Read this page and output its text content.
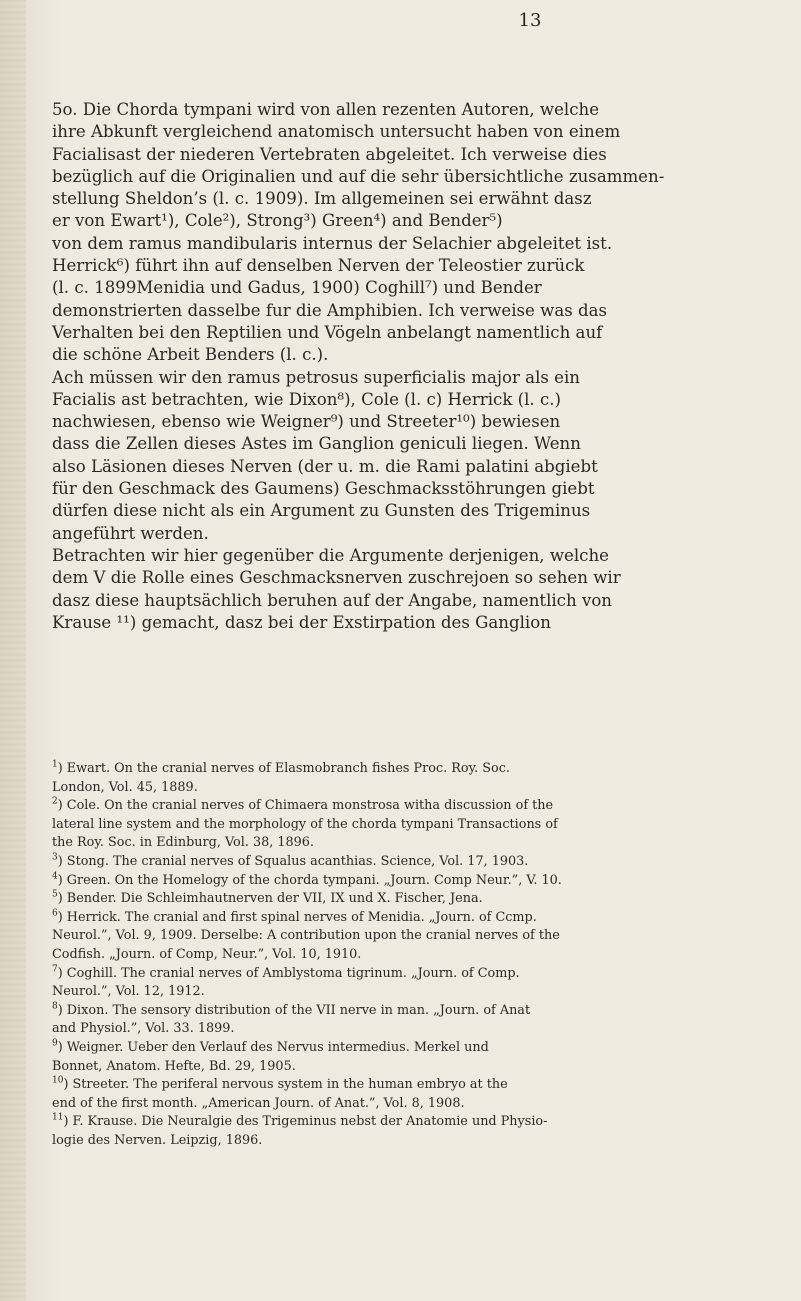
13

5o. Die Chorda tympani wird von allen rezenten Autoren, welche
ihre Abkunft vergleichend anatomisch untersucht haben von einem
Facialisast der niederen Vertebraten abgeleitet. Ich verweise dies
bezüglich auf die Originalien und auf die sehr übersichtliche zusammen-
stellung Sheldon’s (l. c. 1909). Im allgemeinen sei erwähnt dasz
er von Ewart¹), Cole²), Strong³) Green⁴) and Bender⁵)
von dem ramus mandibularis internus der Selachier abgeleitet ist.
Herrick⁶) führt ihn auf denselben Nerven der Teleostier zurück
(l. c. 1899Menidia und Gadus, 1900) Coghill⁷) und Bender
demonstrierten dasselbe fur die Amphibien. Ich verweise was das
Verhalten bei den Reptilien und Vögeln anbelangt namentlich auf
die schöne Arbeit Benders (l. c.).

Ach müssen wir den ramus petrosus superficialis major als ein
Facialis ast betrachten, wie Dixon⁸), Cole (l. c) Herrick (l. c.)
nachwiesen, ebenso wie Weigner⁹) und Streeter¹⁰) bewiesen
dass die Zellen dieses Astes im Ganglion geniculi liegen. Wenn
also Läsionen dieses Nerven (der u. m. die Rami palatini abgiebt
für den Geschmack des Gaumens) Geschmacksstöhrungen giebt
dürfen diese nicht als ein Argument zu Gunsten des Trigeminus
angeführt werden.

Betrachten wir hier gegenüber die Argumente derjenigen, welche
dem V die Rolle eines Geschmacksnerven zuschrejoen so sehen wir
dasz diese hauptsächlich beruhen auf der Angabe, namentlich von
Krause ¹¹) gemacht, dasz bei der Exstirpation des Ganglion

$^1$) Ewart. On the cranial nerves of Elasmobranch fishes Proc. Roy. Soc.
London, Vol. 45, 1889.

$^2$) Cole. On the cranial nerves of Chimaera monstrosa witha discussion of the
lateral line system and the morphology of the chorda tympani Transactions of
the Roy. Soc. in Edinburg, Vol. 38, 1896.

$^3$) Stong. The cranial nerves of Squalus acanthias. Science, Vol. 17, 1903.

$^4$) Green. On the Homelogy of the chorda tympani. „Journ. Comp Neur.”, V. 10.

$^5$) Bender. Die Schleimhautnerven der VII, IX und X. Fischer, Jena.

$^6$) Herrick. The cranial and first spinal nerves of Menidia. „Journ. of Ccmp.
Neurol.”, Vol. 9, 1909. Derselbe: A contribution upon the cranial nerves of the
Codfish. „Journ. of Comp, Neur.”, Vol. 10, 1910.

$^7$) Coghill. The cranial nerves of Amblystoma tigrinum. „Journ. of Comp.
Neurol.”, Vol. 12, 1912.

$^8$) Dixon. The sensory distribution of the VII nerve in man. „Journ. of Anat
and Physiol.”, Vol. 33. 1899.

$^9$) Weigner. Ueber den Verlauf des Nervus intermedius. Merkel und
Bonnet, Anatom. Hefte, Bd. 29, 1905.

$^{10}$) Streeter. The periferal nervous system in the human embryo at the
end of the first month. „American Journ. of Anat.”, Vol. 8, 1908.

$^{11}$) F. Krause. Die Neuralgie des Trigeminus nebst der Anatomie und Physio-
logie des Nerven. Leipzig, 1896.
